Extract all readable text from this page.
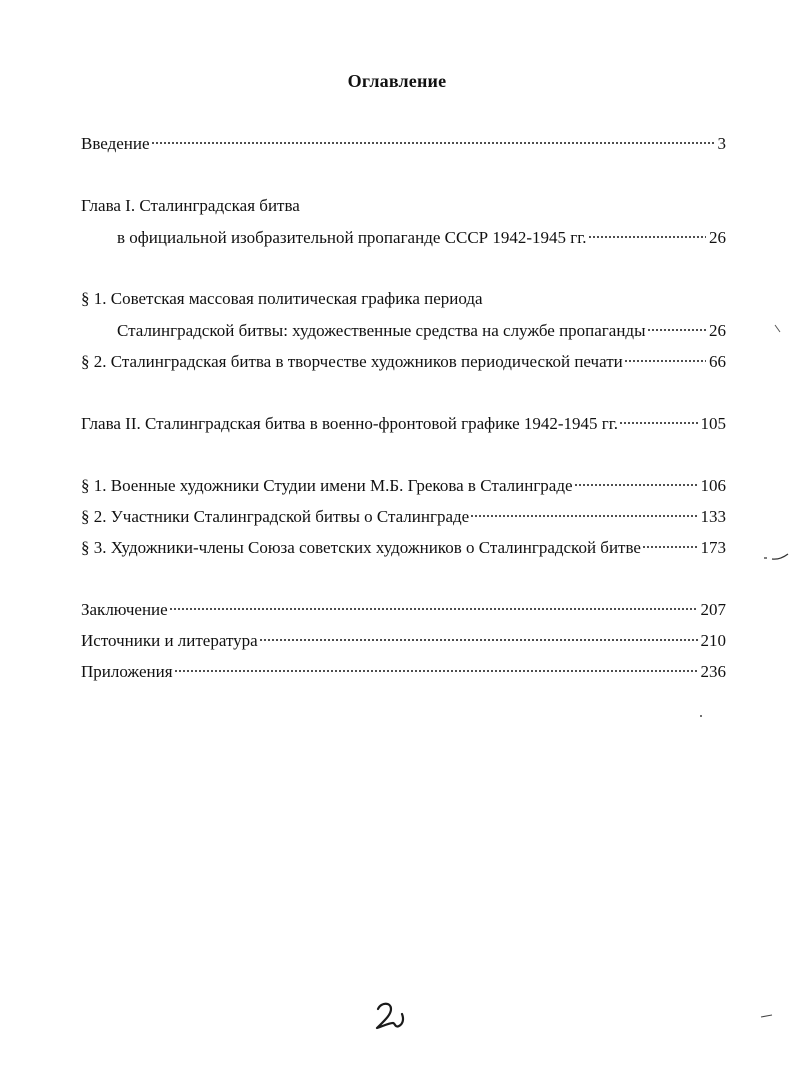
Оглавление
Введение	3
Глава I. Сталинградская битва
в официальной изобразительной пропаганде СССР 1942-1945 гг.	26
§ 1. Советская массовая политическая графика периода
Сталинградской битвы: художественные средства на службе пропаганды	26
§ 2. Сталинградская битва в творчестве художников периодической печати	66
Глава II. Сталинградская битва в военно-фронтовой графике 1942-1945 гг.	105
§ 1. Военные художники Студии имени М.Б. Грекова в Сталинграде	106
§ 2. Участники Сталинградской битвы о Сталинграде	133
§ 3. Художники-члены Союза советских художников о Сталинградской битве	173
Заключение	207
Источники и литература	210
Приложения	236
